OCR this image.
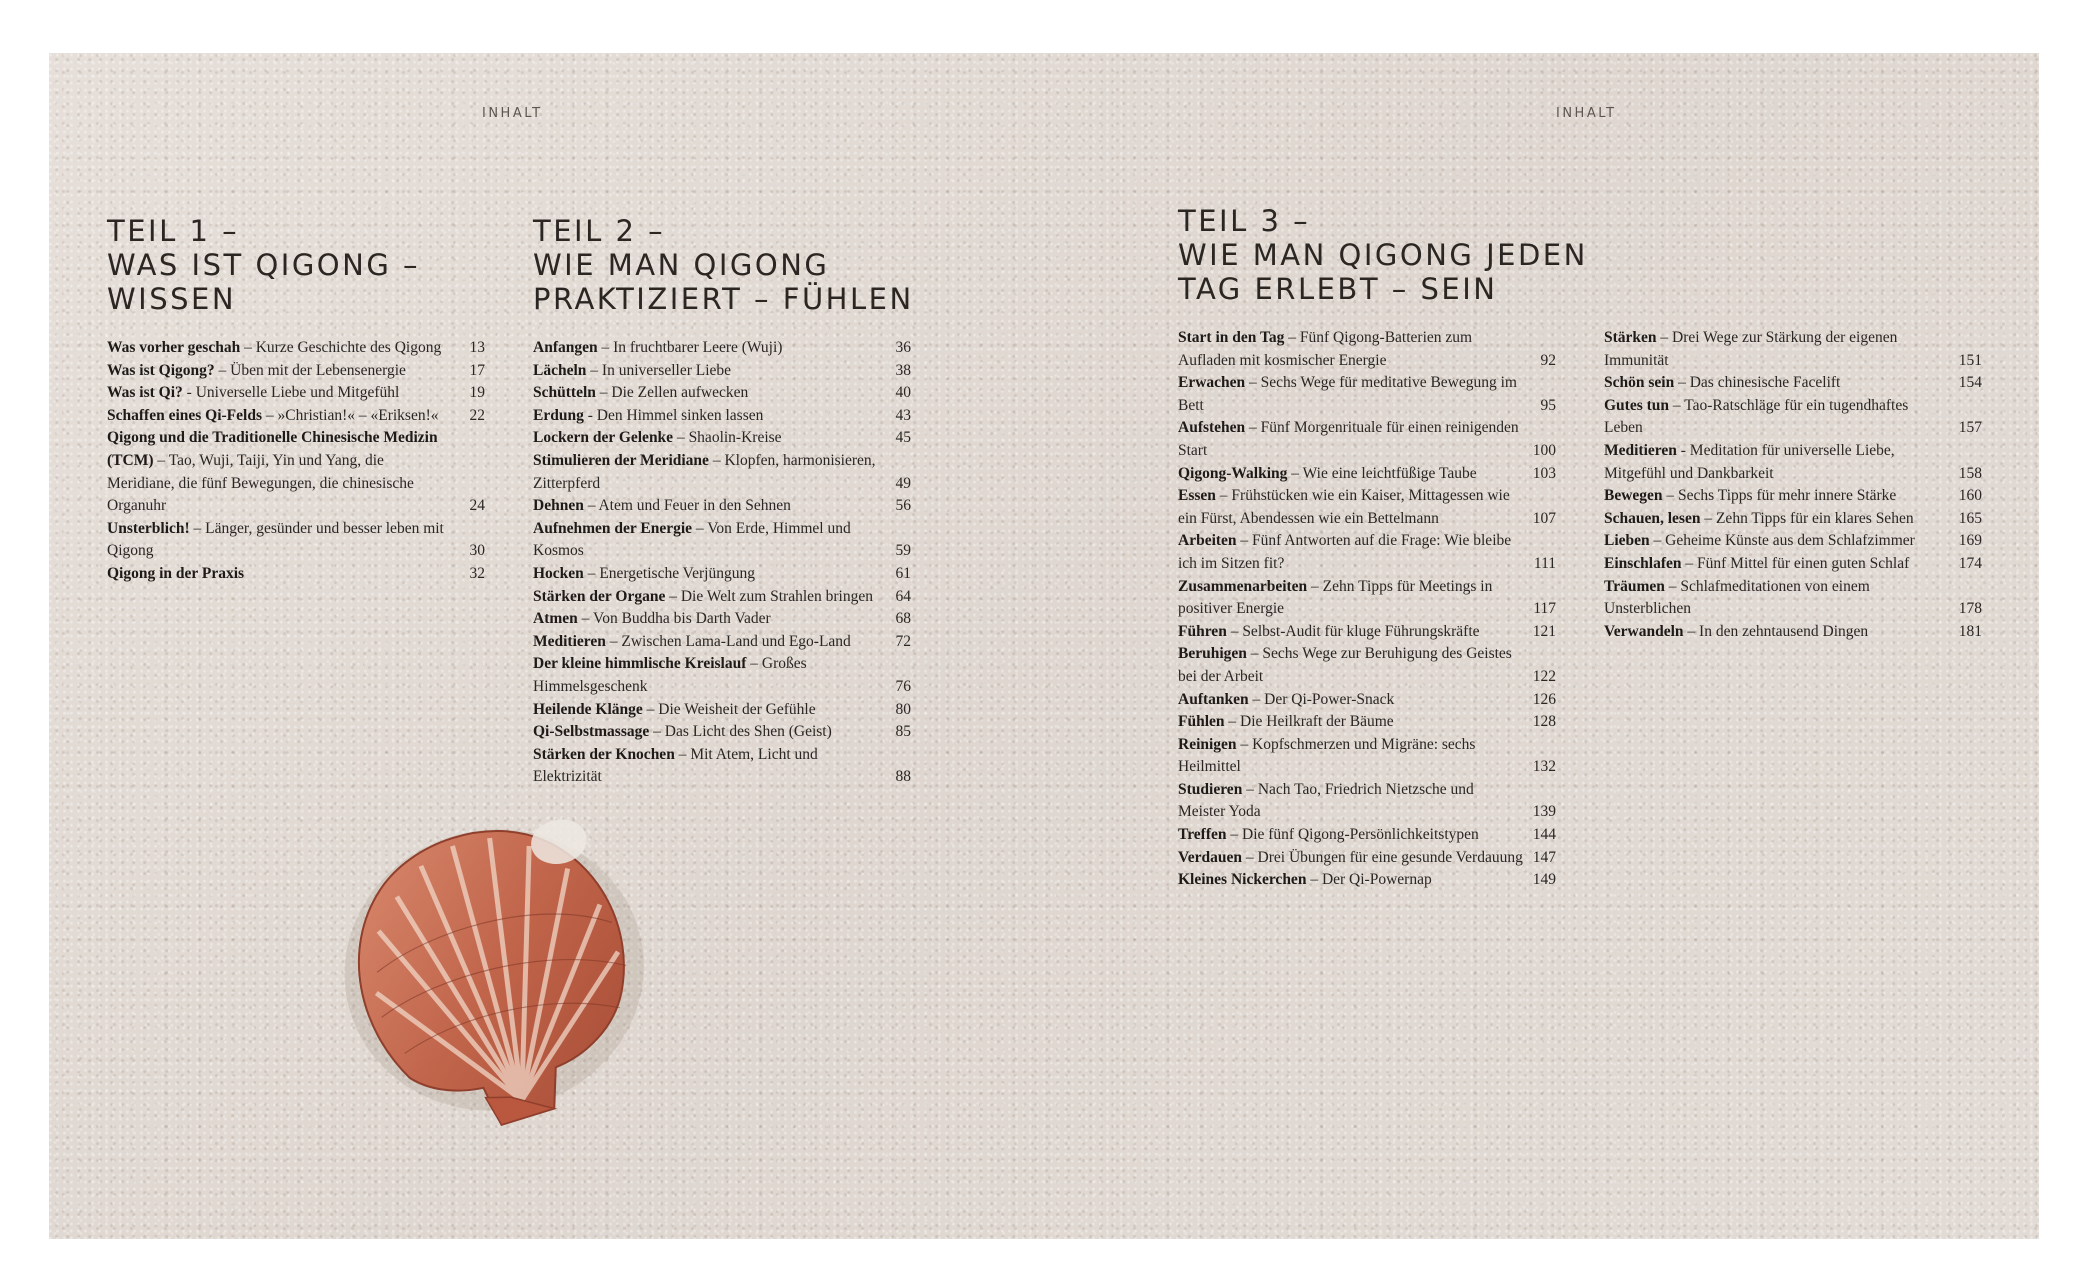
INHALT	INHALT
TEIL 1 –
WAS IST QIGONG –
WISSEN
Was vorher geschah – Kurze Geschichte des Qigong	13
Was ist Qigong? – Üben mit der Lebensenergie	17
Was ist Qi? - Universelle Liebe und Mitgefühl	19
Schaffen eines Qi-Felds – »Christian!« – «Eriksen!«	22
Qigong und die Traditionelle Chinesische Medizin (TCM) – Tao, Wuji, Taiji, Yin und Yang, die Meridiane, die fünf Bewegungen, die chinesische Organuhr	24
Unsterblich! – Länger, gesünder und besser leben mit Qigong	30
Qigong in der Praxis	32
TEIL 2 –
WIE MAN QIGONG
PRAKTIZIERT – FÜHLEN
Anfangen – In fruchtbarer Leere (Wuji)	36
Lächeln – In universeller Liebe	38
Schütteln – Die Zellen aufwecken	40
Erdung - Den Himmel sinken lassen	43
Lockern der Gelenke – Shaolin-Kreise	45
Stimulieren der Meridiane – Klopfen, harmonisieren, Zitterpferd	49
Dehnen – Atem und Feuer in den Sehnen	56
Aufnehmen der Energie – Von Erde, Himmel und Kosmos	59
Hocken – Energetische Verjüngung	61
Stärken der Organe – Die Welt zum Strahlen bringen	64
Atmen – Von Buddha bis Darth Vader	68
Meditieren – Zwischen Lama-Land und Ego-Land	72
Der kleine himmlische Kreislauf – Großes Himmelsgeschenk	76
Heilende Klänge – Die Weisheit der Gefühle	80
Qi-Selbstmassage – Das Licht des Shen (Geist)	85
Stärken der Knochen – Mit Atem, Licht und Elektrizität	88
TEIL 3 –
WIE MAN QIGONG JEDEN
TAG ERLEBT – SEIN
Start in den Tag – Fünf Qigong-Batterien zum Aufladen mit kosmischer Energie	92
Erwachen – Sechs Wege für meditative Bewegung im Bett	95
Aufstehen – Fünf Morgenrituale für einen reinigenden Start	100
Qigong-Walking – Wie eine leichtfüßige Taube	103
Essen – Frühstücken wie ein Kaiser, Mittagessen wie ein Fürst, Abendessen wie ein Bettelmann	107
Arbeiten – Fünf Antworten auf die Frage: Wie bleibe ich im Sitzen fit?	111
Zusammenarbeiten – Zehn Tipps für Meetings in positiver Energie	117
Führen – Selbst-Audit für kluge Führungskräfte	121
Beruhigen – Sechs Wege zur Beruhigung des Geistes bei der Arbeit	122
Auftanken – Der Qi-Power-Snack	126
Fühlen – Die Heilkraft der Bäume	128
Reinigen – Kopfschmerzen und Migräne: sechs Heilmittel	132
Studieren – Nach Tao, Friedrich Nietzsche und Meister Yoda	139
Treffen – Die fünf Qigong-Persönlichkeitstypen	144
Verdauen – Drei Übungen für eine gesunde Verdauung 147
Kleines Nickerchen – Der Qi-Powernap	149
Stärken – Drei Wege zur Stärkung der eigenen Immunität	151
Schön sein – Das chinesische Facelift	154
Gutes tun – Tao-Ratschläge für ein tugendhaftes Leben	157
Meditieren - Meditation für universelle Liebe, Mitgefühl und Dankbarkeit	158
Bewegen – Sechs Tipps für mehr innere Stärke	160
Schauen, lesen – Zehn Tipps für ein klares Sehen	165
Lieben – Geheime Künste aus dem Schlafzimmer	169
Einschlafen – Fünf Mittel für einen guten Schlaf	174
Träumen – Schlafmeditationen von einem Unsterblichen	178
Verwandeln – In den zehntausend Dingen	181
